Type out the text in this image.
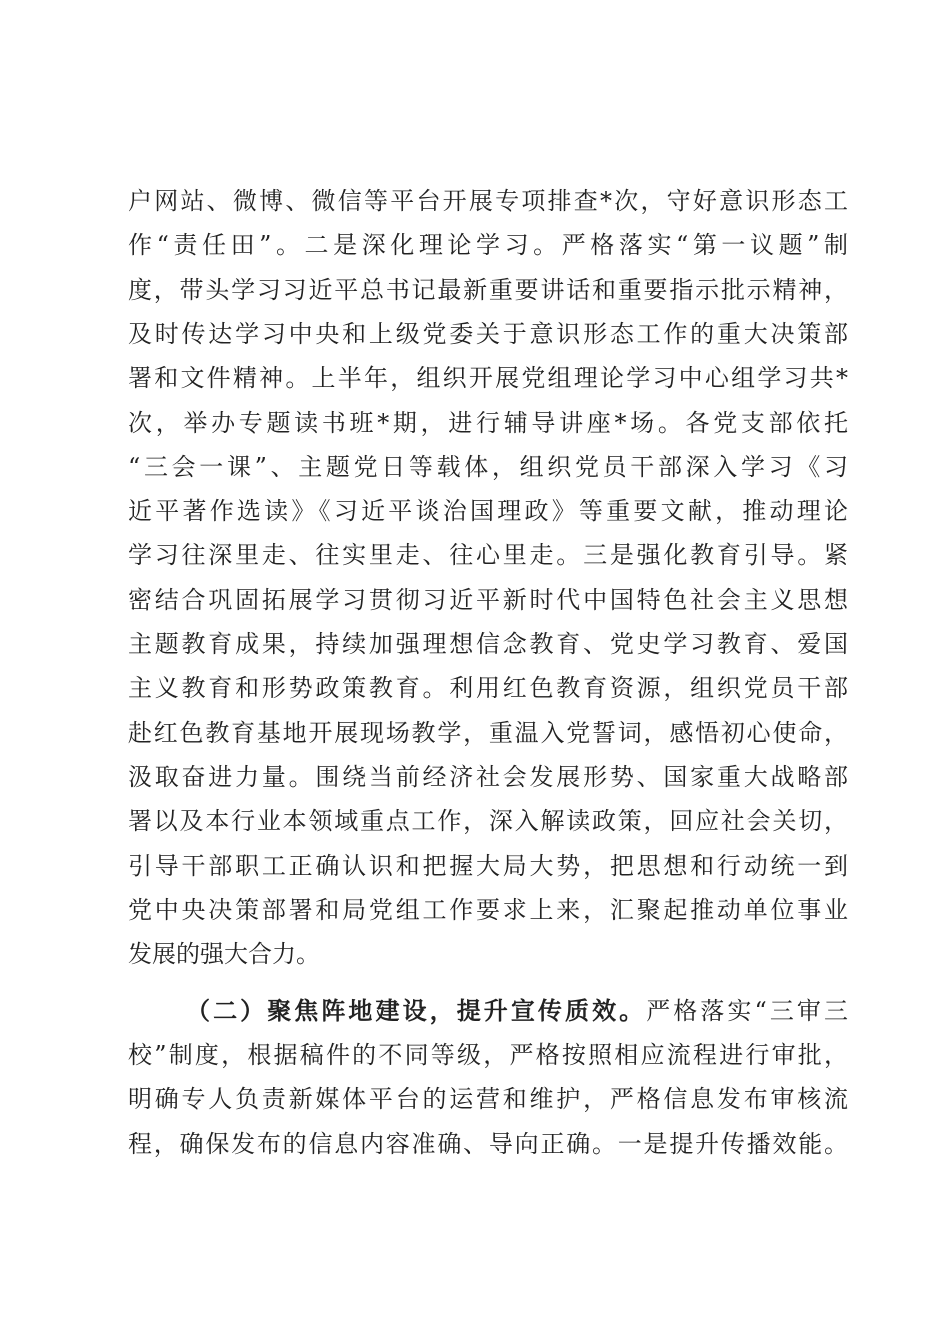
户网站、微博、微信等平台开展专项排查*次，守好意识形态工
作“责任田”。二是深化理论学习。严格落实“第一议题”制
度，带头学习习近平总书记最新重要讲话和重要指示批示精神，
及时传达学习中央和上级党委关于意识形态工作的重大决策部
署和文件精神。上半年，组织开展党组理论学习中心组学习共*
次，举办专题读书班*期，进行辅导讲座*场。各党支部依托
“三会一课”、主题党日等载体，组织党员干部深入学习《习
近平著作选读》《习近平谈治国理政》等重要文献，推动理论
学习往深里走、往实里走、往心里走。三是强化教育引导。紧
密结合巩固拓展学习贯彻习近平新时代中国特色社会主义思想
主题教育成果，持续加强理想信念教育、党史学习教育、爱国
主义教育和形势政策教育。利用红色教育资源，组织党员干部
赴红色教育基地开展现场教学，重温入党誓词，感悟初心使命，
汲取奋进力量。围绕当前经济社会发展形势、国家重大战略部
署以及本行业本领域重点工作，深入解读政策，回应社会关切，
引导干部职工正确认识和把握大局大势，把思想和行动统一到
党中央决策部署和局党组工作要求上来，汇聚起推动单位事业
发展的强大合力。
（二）聚焦阵地建设，提升宣传质效。严格落实“三审三
校”制度，根据稿件的不同等级，严格按照相应流程进行审批，
明确专人负责新媒体平台的运营和维护，严格信息发布审核流
程，确保发布的信息内容准确、导向正确。一是提升传播效能。
